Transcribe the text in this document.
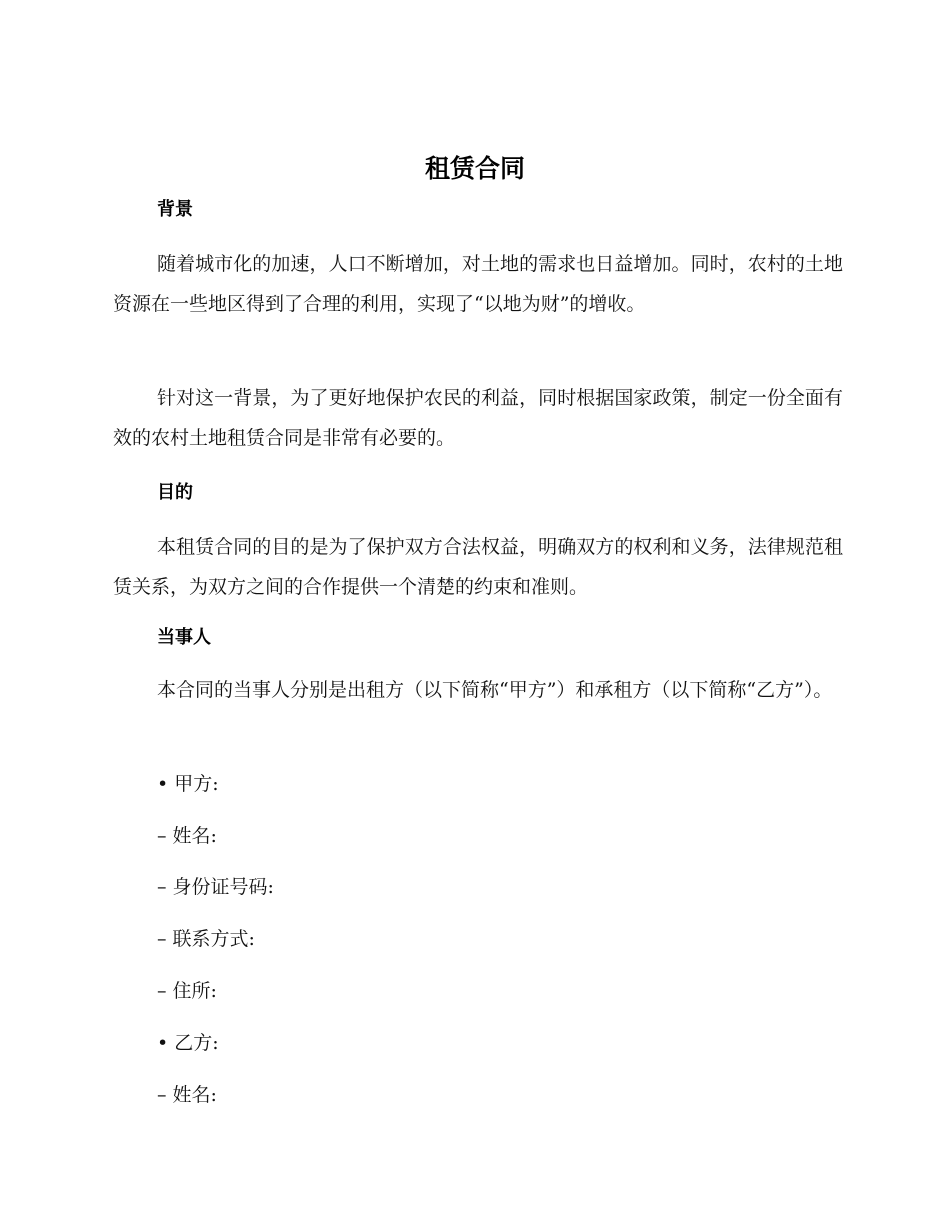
租赁合同
背景

随着城市化的加速，人口不断增加，对土地的需求也日益增加。同时，农村的土地资源在一些地区得到了合理的利用，实现了“以地为财”的增收。

针对这一背景，为了更好地保护农民的利益，同时根据国家政策，制定一份全面有效的农村土地租赁合同是非常有必要的。

目的

本租赁合同的目的是为了保护双方合法权益，明确双方的权利和义务，法律规范租赁关系，为双方之间的合作提供一个清楚的约束和准则。

当事人

本合同的当事人分别是出租方（以下简称“甲方”）和承租方（以下简称“乙方”）。

• 甲方:

– 姓名:

– 身份证号码:

– 联系方式:

– 住所:

• 乙方:

– 姓名:
